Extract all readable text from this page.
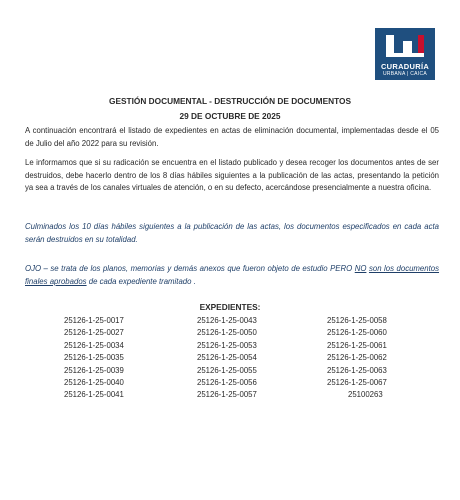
CURADURÍA
URBANA | CAICA
GESTIÓN DOCUMENTAL - DESTRUCCIÓN DE DOCUMENTOS
29 DE OCTUBRE DE 2025
A continuación encontrará el listado de expedientes en actas de eliminación documental, implementadas desde el 05 de Julio del año 2022 para su revisión.
Le informamos que si su radicación se encuentra en el listado publicado y desea recoger los documentos antes de ser destruidos, debe hacerlo dentro de los 8 días hábiles siguientes a la publicación de las actas, presentando la petición ya sea a través de los canales virtuales de atención, o en su defecto, acercándose presencialmente a nuestra oficina.
Culminados los 10 días hábiles siguientes a la publicación de las actas, los documentos especificados en cada acta serán destruidos en su totalidad.
OJO – se trata de los planos, memorias y demás anexos que fueron objeto de estudio PERO NO son los documentos finales aprobados de cada expediente tramitado .
EXPEDIENTES:
25126-1-25-0017
25126-1-25-0027
25126-1-25-0034
25126-1-25-0035
25126-1-25-0039
25126-1-25-0040
25126-1-25-0041
25126-1-25-0043
25126-1-25-0050
25126-1-25-0053
25126-1-25-0054
25126-1-25-0055
25126-1-25-0056
25126-1-25-0057
25126-1-25-0058
25126-1-25-0060
25126-1-25-0061
25126-1-25-0062
25126-1-25-0063
25126-1-25-0067
25100263
